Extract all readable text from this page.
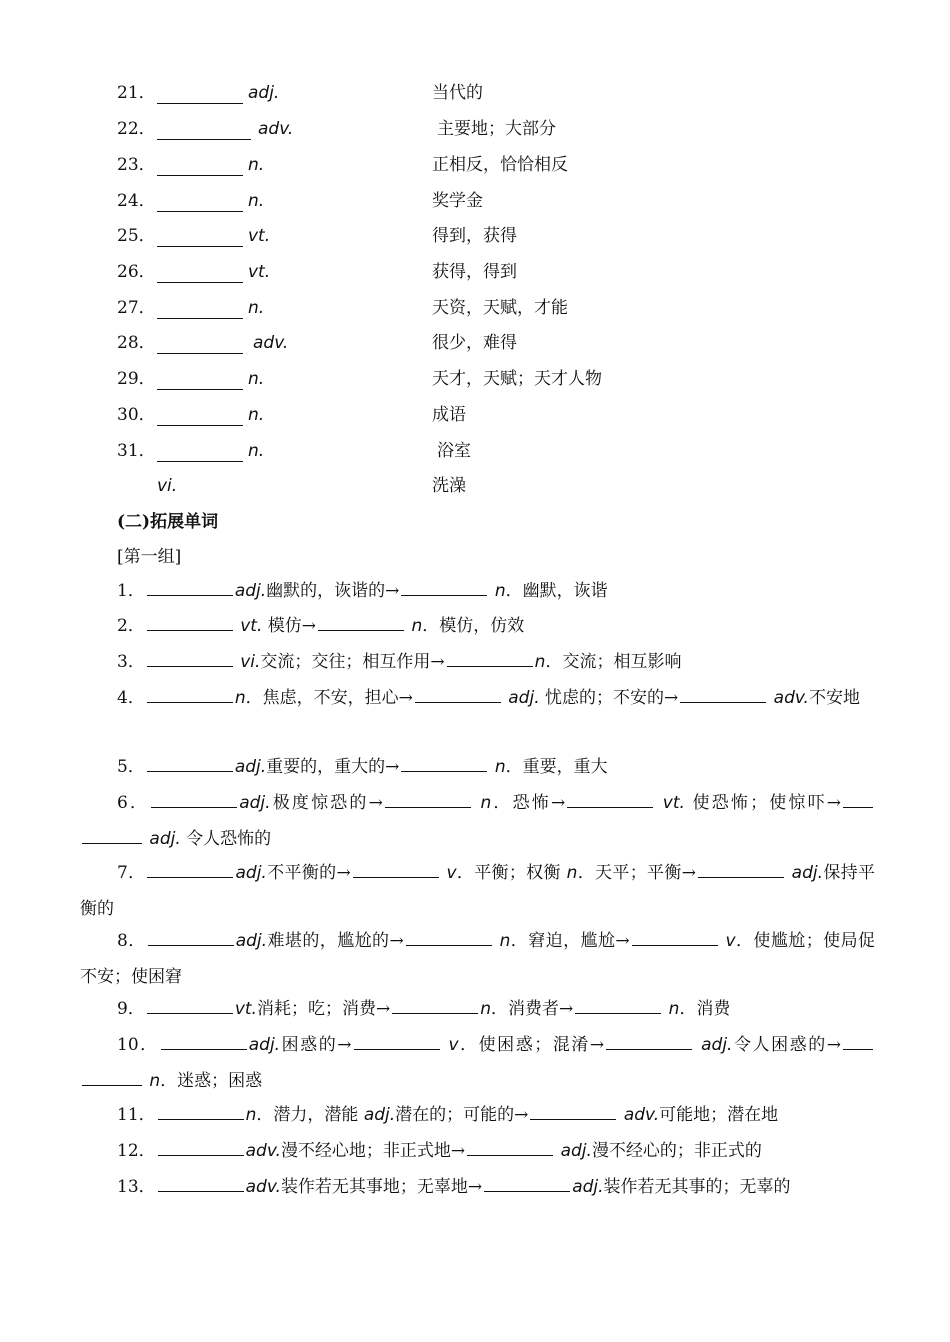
21．	adj.	当代的
22．	adv.	主要地；大部分
23．	n.	正相反，恰恰相反
24．	n.	奖学金
25．	vt.	得到，获得
26．	vt.	获得，得到
27．	n.	天资，天赋，才能
28．	adv.	很少，难得
29．	n.	天才，天赋；天才人物
30．	n.	成语
31．	n.	浴室
vi.	洗澡
(二)拓展单词
[第一组]
1．	adj.幽默的，诙谐的→	n．幽默，诙谐
2．	vt. 模仿→	n．模仿，仿效
3．	vi.交流；交往；相互作用→	n．交流；相互影响
4．	n．焦虑，不安，担心→	adj. 忧虑的；不安的→	adv.不安地
5．	adj.重要的，重大的→	n．重要，重大
6．	adj.极度惊恐的→	n．恐怖→	vt. 使恐怖；使惊吓→ adj. 令人恐怖的
7．	adj.不平衡的→	v．平衡；权衡 n．天平；平衡→	adj.保持平衡的
8．	adj.难堪的，尴尬的→	n．窘迫，尴尬→	v．使尴尬；使局促不安；使困窘
9．	vt.消耗；吃；消费→	n．消费者→	n．消费
10．	adj.困惑的→	v．使困惑；混淆→	adj.令人困惑的→ n．迷惑；困惑
11．	n．潜力，潜能 adj.潜在的；可能的→	adv.可能地；潜在地
12．	adv.漫不经心地；非正式地→	adj.漫不经心的；非正式的
13．	adv.装作若无其事地；无辜地→	adj.装作若无其事的；无辜的
